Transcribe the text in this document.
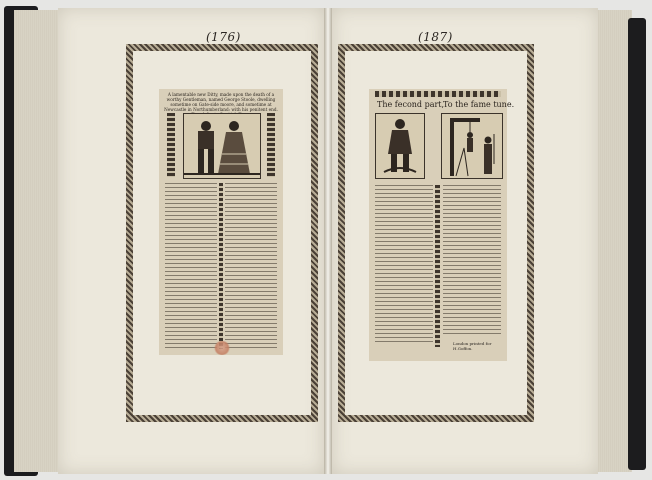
(176)
A lamentable new Ditty, made upon the death of a worthy Gentleman, named George Stoole, dwelling sometime on Gate-side moore, and sometime at Newcastle in Northumberland: with his penitent end.
(187)
The fecond part,
To the fame tune.
London printed for H.Goffon.
